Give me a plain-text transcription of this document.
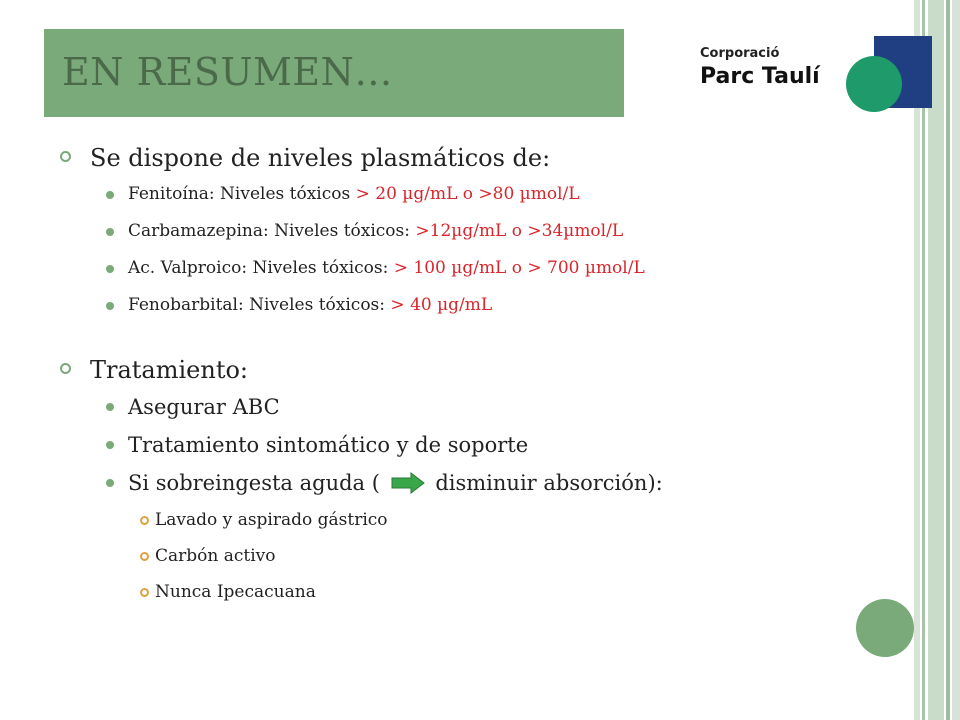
EN RESUMEN…	Corporació
Parc Taulí
Se dispone de niveles plasmáticos de:
Fenitoína: Niveles tóxicos > 20 µg/mL o >80 µmol/L
Carbamazepina: Niveles tóxicos: >12µg/mL o >34µmol/L
Ac. Valproico: Niveles tóxicos: > 100 µg/mL o > 700 µmol/L
Fenobarbital: Niveles tóxicos: > 40 µg/mL
Tratamiento:
Asegurar ABC
Tratamiento sintomático y de soporte
Si sobreingesta aguda (	disminuir absorción):
Lavado y aspirado gástrico
Carbón activo
Nunca Ipecacuana
